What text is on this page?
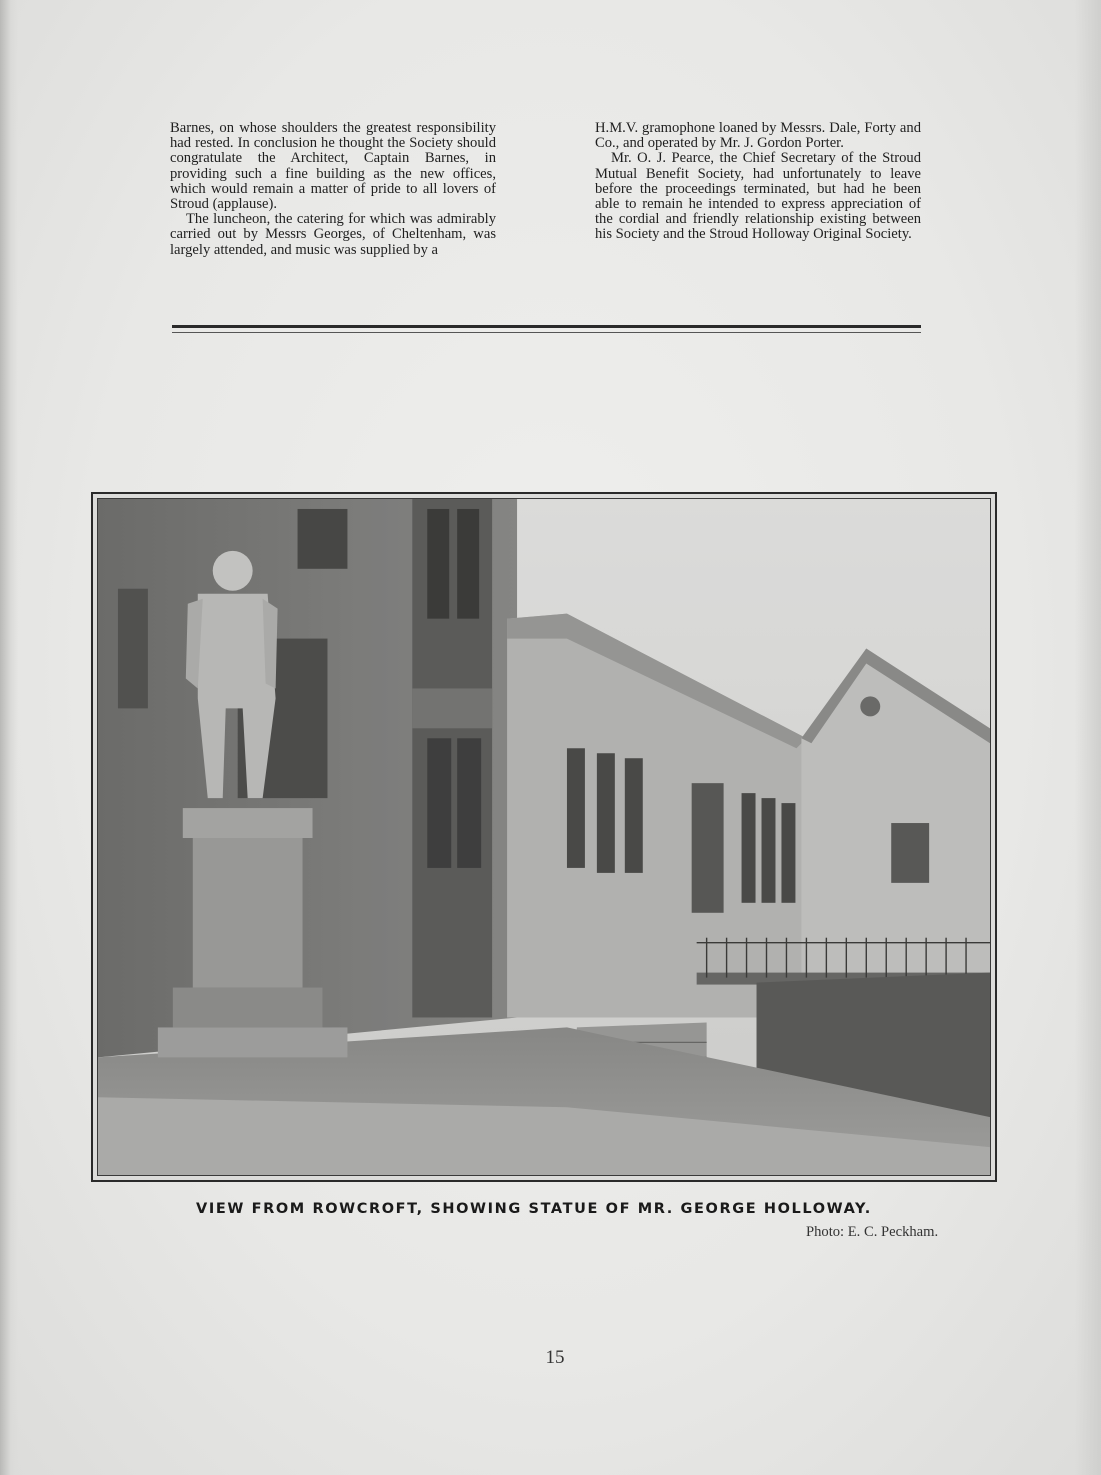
Barnes, on whose shoulders the greatest responsibility had rested. In conclusion he thought the Society should congratulate the Architect, Captain Barnes, in providing such a fine building as the new offices, which would remain a matter of pride to all lovers of Stroud (applause).

The luncheon, the catering for which was admirably carried out by Messrs Georges, of Cheltenham, was largely attended, and music was supplied by a

H.M.V. gramophone loaned by Messrs. Dale, Forty and Co., and operated by Mr. J. Gordon Porter.

Mr. O. J. Pearce, the Chief Secretary of the Stroud Mutual Benefit Society, had unfortunately to leave before the proceedings terminated, but had he been able to remain he intended to express appreciation of the cordial and friendly relationship existing between his Society and the Stroud Holloway Original Society.

VIEW FROM ROWCROFT, SHOWING STATUE OF MR. GEORGE HOLLOWAY.
Photo: E. C. Peckham.
15
